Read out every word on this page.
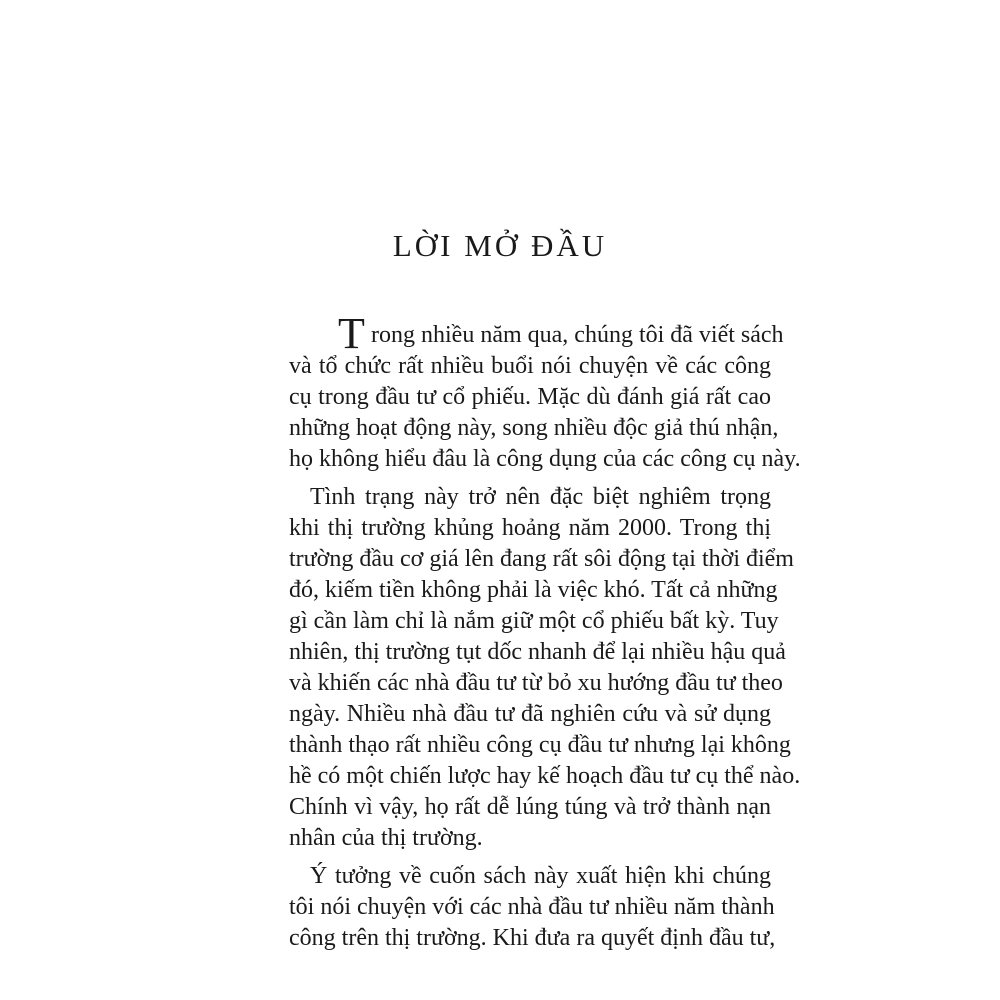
LỜI MỞ ĐẦU
T rong nhiều năm qua, chúng tôi đã viết sách
và tổ chức rất nhiều buổi nói chuyện về các công
cụ trong đầu tư cổ phiếu. Mặc dù đánh giá rất cao
những hoạt động này, song nhiều độc giả thú nhận,
họ không hiểu đâu là công dụng của các công cụ này.
Tình trạng này trở nên đặc biệt nghiêm trọng
khi thị trường khủng hoảng năm 2000. Trong thị
trường đầu cơ giá lên đang rất sôi động tại thời điểm
đó, kiếm tiền không phải là việc khó. Tất cả những
gì cần làm chỉ là nắm giữ một cổ phiếu bất kỳ. Tuy
nhiên, thị trường tụt dốc nhanh để lại nhiều hậu quả
và khiến các nhà đầu tư từ bỏ xu hướng đầu tư theo
ngày. Nhiều nhà đầu tư đã nghiên cứu và sử dụng
thành thạo rất nhiều công cụ đầu tư nhưng lại không
hề có một chiến lược hay kế hoạch đầu tư cụ thể nào.
Chính vì vậy, họ rất dễ lúng túng và trở thành nạn
nhân của thị trường.
Ý tưởng về cuốn sách này xuất hiện khi chúng
tôi nói chuyện với các nhà đầu tư nhiều năm thành
công trên thị trường. Khi đưa ra quyết định đầu tư,
